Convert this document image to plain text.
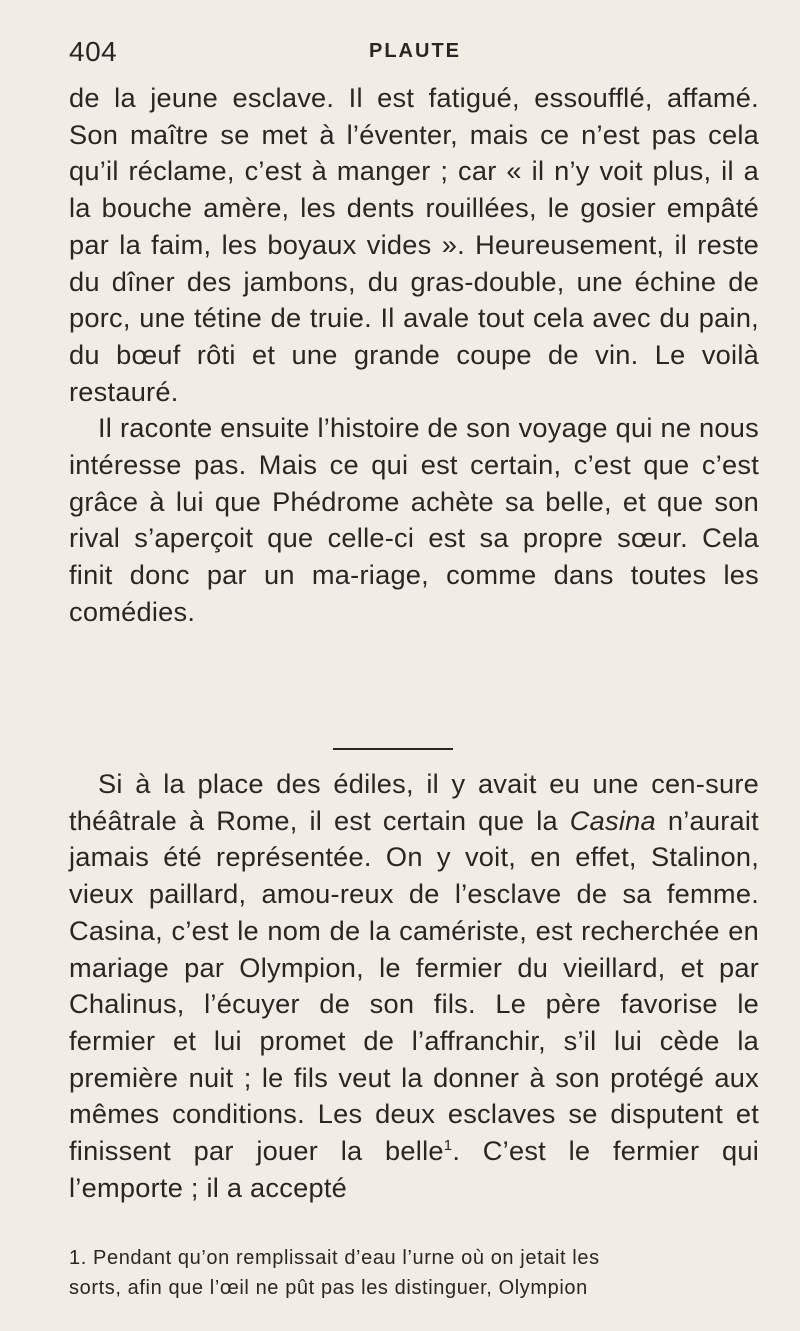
404	PLAUTE

de la jeune esclave. Il est fatigué, essoufflé, affamé. Son maître se met à l’éventer, mais ce n’est pas cela qu’il réclame, c’est à manger ; car « il n’y voit plus, il a la bouche amère, les dents rouillées, le gosier empâté par la faim, les boyaux vides ». Heureusement, il reste du dîner des jambons, du gras-double, une échine de porc, une tétine de truie. Il avale tout cela avec du pain, du bœuf rôti et une grande coupe de vin. Le voilà restauré.

Il raconte ensuite l’histoire de son voyage qui ne nous intéresse pas. Mais ce qui est certain, c’est que c’est grâce à lui que Phédrome achète sa belle, et que son rival s’aperçoit que celle-ci est sa propre sœur. Cela finit donc par un ma-riage, comme dans toutes les comédies.

Si à la place des édiles, il y avait eu une cen-sure théâtrale à Rome, il est certain que la Casina n’aurait jamais été représentée. On y voit, en effet, Stalinon, vieux paillard, amou-reux de l’esclave de sa femme. Casina, c’est le nom de la caméristе, est recherchée en mariage par Olympion, le fermier du vieillard, et par Chalinus, l’écuyer de son fils. Le père favorise le fermier et lui promet de l’affranchir, s’il lui cède la première nuit ; le fils veut la donner à son protégé aux mêmes conditions. Les deux esclaves se disputent et finissent par jouer la belle$^1$. C’est le fermier qui l’emporte ; il a accepté

1. Pendant qu’on remplissait d’eau l’urne où on jetait les
sorts, afin que l’œil ne pût pas les distinguer, Olympion
